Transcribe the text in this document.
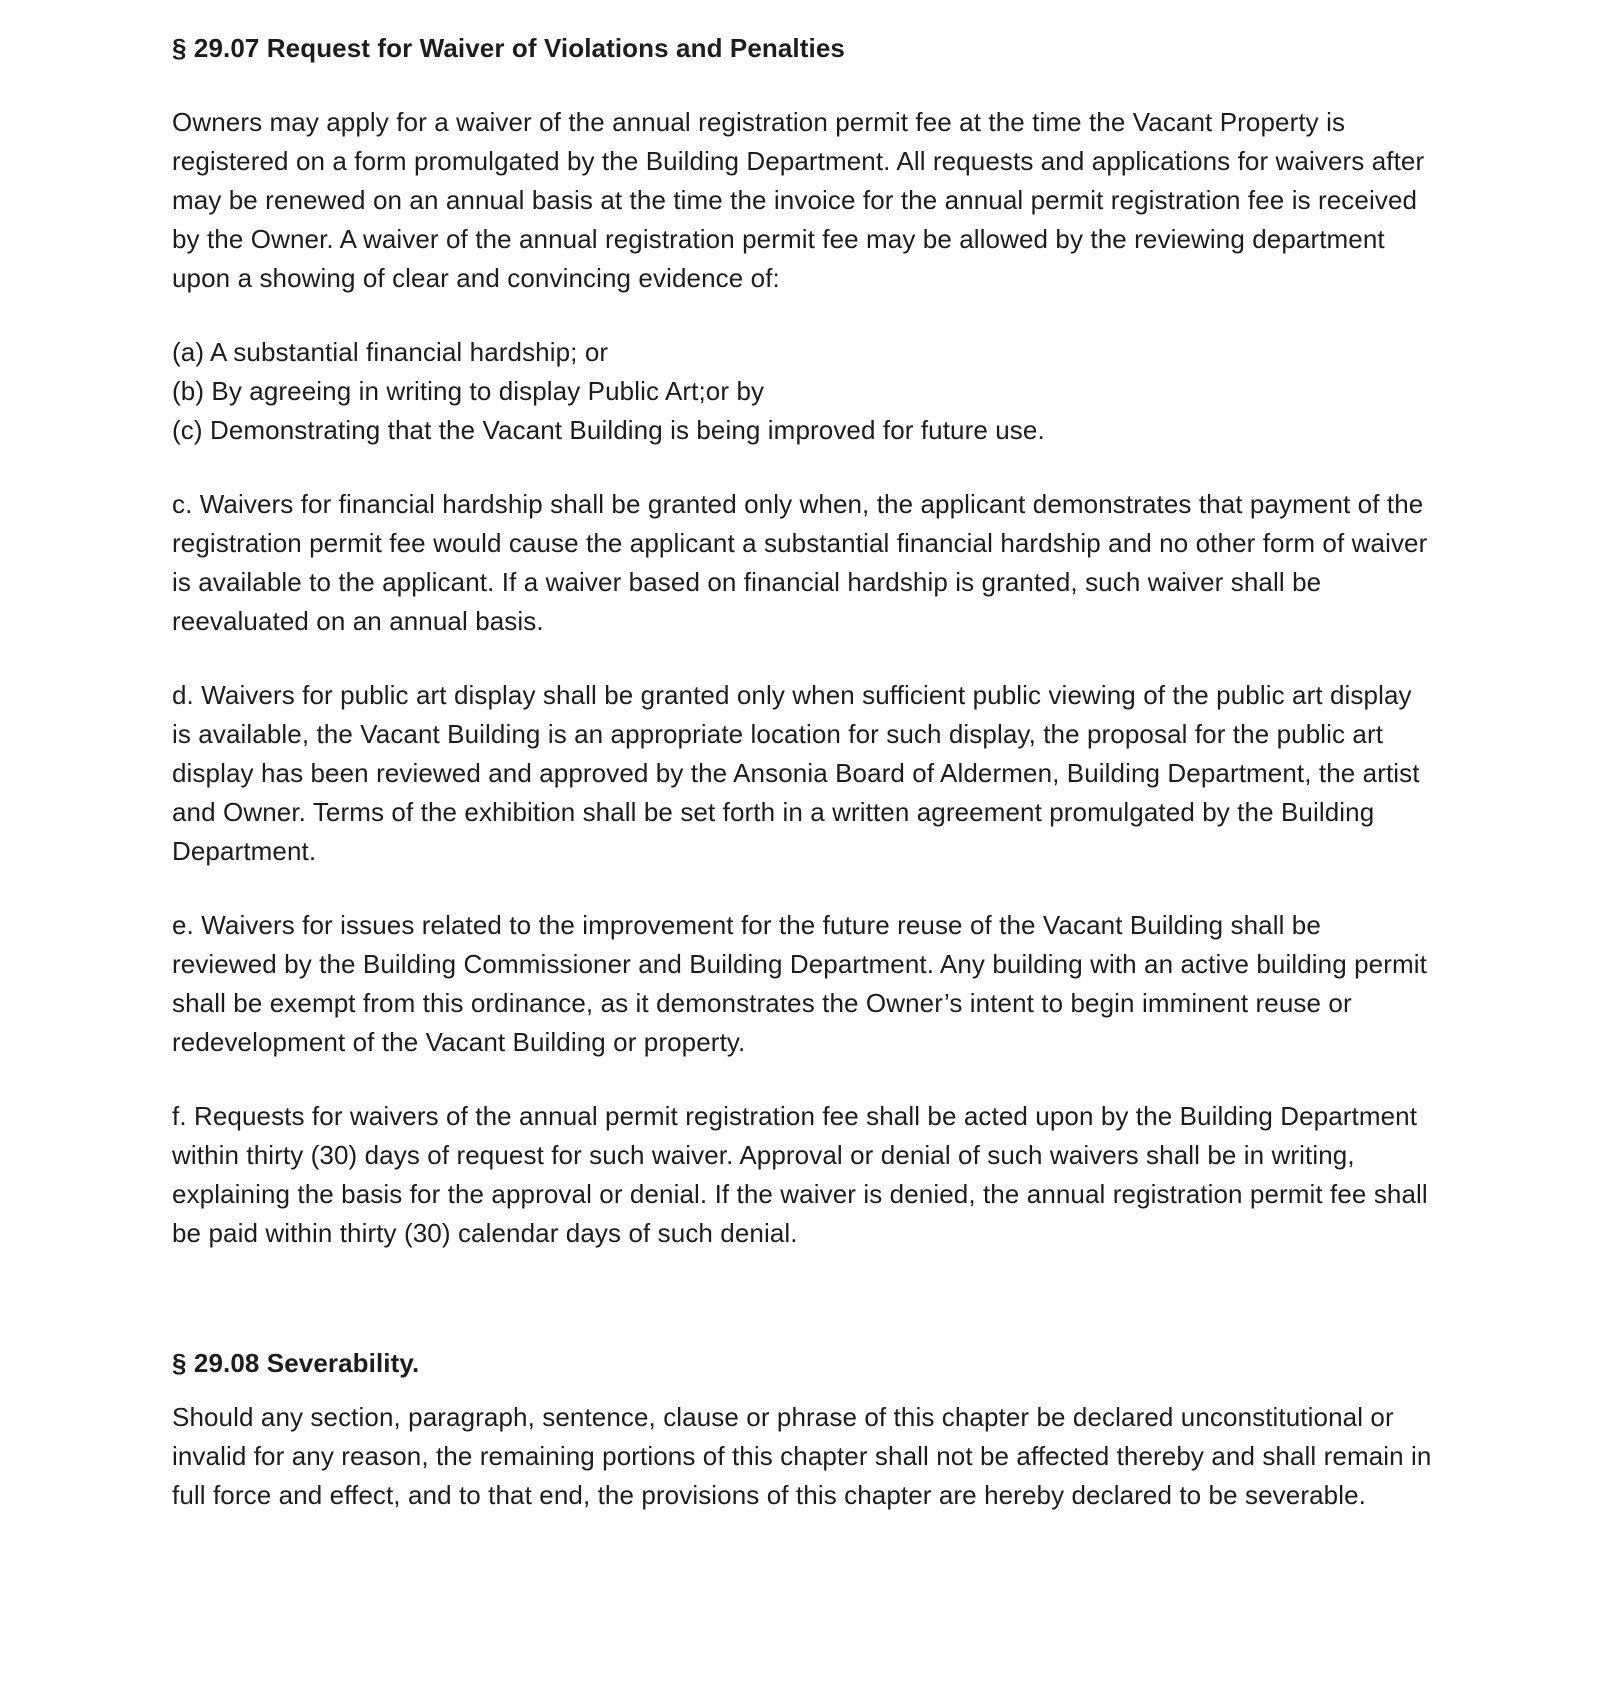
§ 29.07 Request for Waiver of Violations and Penalties

Owners may apply for a waiver of the annual registration permit fee at the time the Vacant Property is registered on a form promulgated by the Building Department. All requests and applications for waivers after may be renewed on an annual basis at the time the invoice for the annual permit registration fee is received by the Owner. A waiver of the annual registration permit fee may be allowed by the reviewing department upon a showing of clear and convincing evidence of:

(a) A substantial financial hardship; or

(b) By agreeing in writing to display Public Art;or by

(c) Demonstrating that the Vacant Building is being improved for future use.

c. Waivers for financial hardship shall be granted only when, the applicant demonstrates that payment of the registration permit fee would cause the applicant a substantial financial hardship and no other form of waiver is available to the applicant. If a waiver based on financial hardship is granted, such waiver shall be reevaluated on an annual basis.

d. Waivers for public art display shall be granted only when sufficient public viewing of the public art display is available, the Vacant Building is an appropriate location for such display, the proposal for the public art display has been reviewed and approved by the Ansonia Board of Aldermen, Building Department, the artist and Owner. Terms of the exhibition shall be set forth in a written agreement promulgated by the Building Department.

e. Waivers for issues related to the improvement for the future reuse of the Vacant Building shall be reviewed by the Building Commissioner and Building Department. Any building with an active building permit shall be exempt from this ordinance, as it demonstrates the Owner’s intent to begin imminent reuse or redevelopment of the Vacant Building or property.

f. Requests for waivers of the annual permit registration fee shall be acted upon by the Building Department within thirty (30) days of request for such waiver. Approval or denial of such waivers shall be in writing, explaining the basis for the approval or denial. If the waiver is denied, the annual registration permit fee shall be paid within thirty (30) calendar days of such denial.

§ 29.08 Severability.

Should any section, paragraph, sentence, clause or phrase of this chapter be declared unconstitutional or invalid for any reason, the remaining portions of this chapter shall not be affected thereby and shall remain in full force and effect, and to that end, the provisions of this chapter are hereby declared to be severable.
